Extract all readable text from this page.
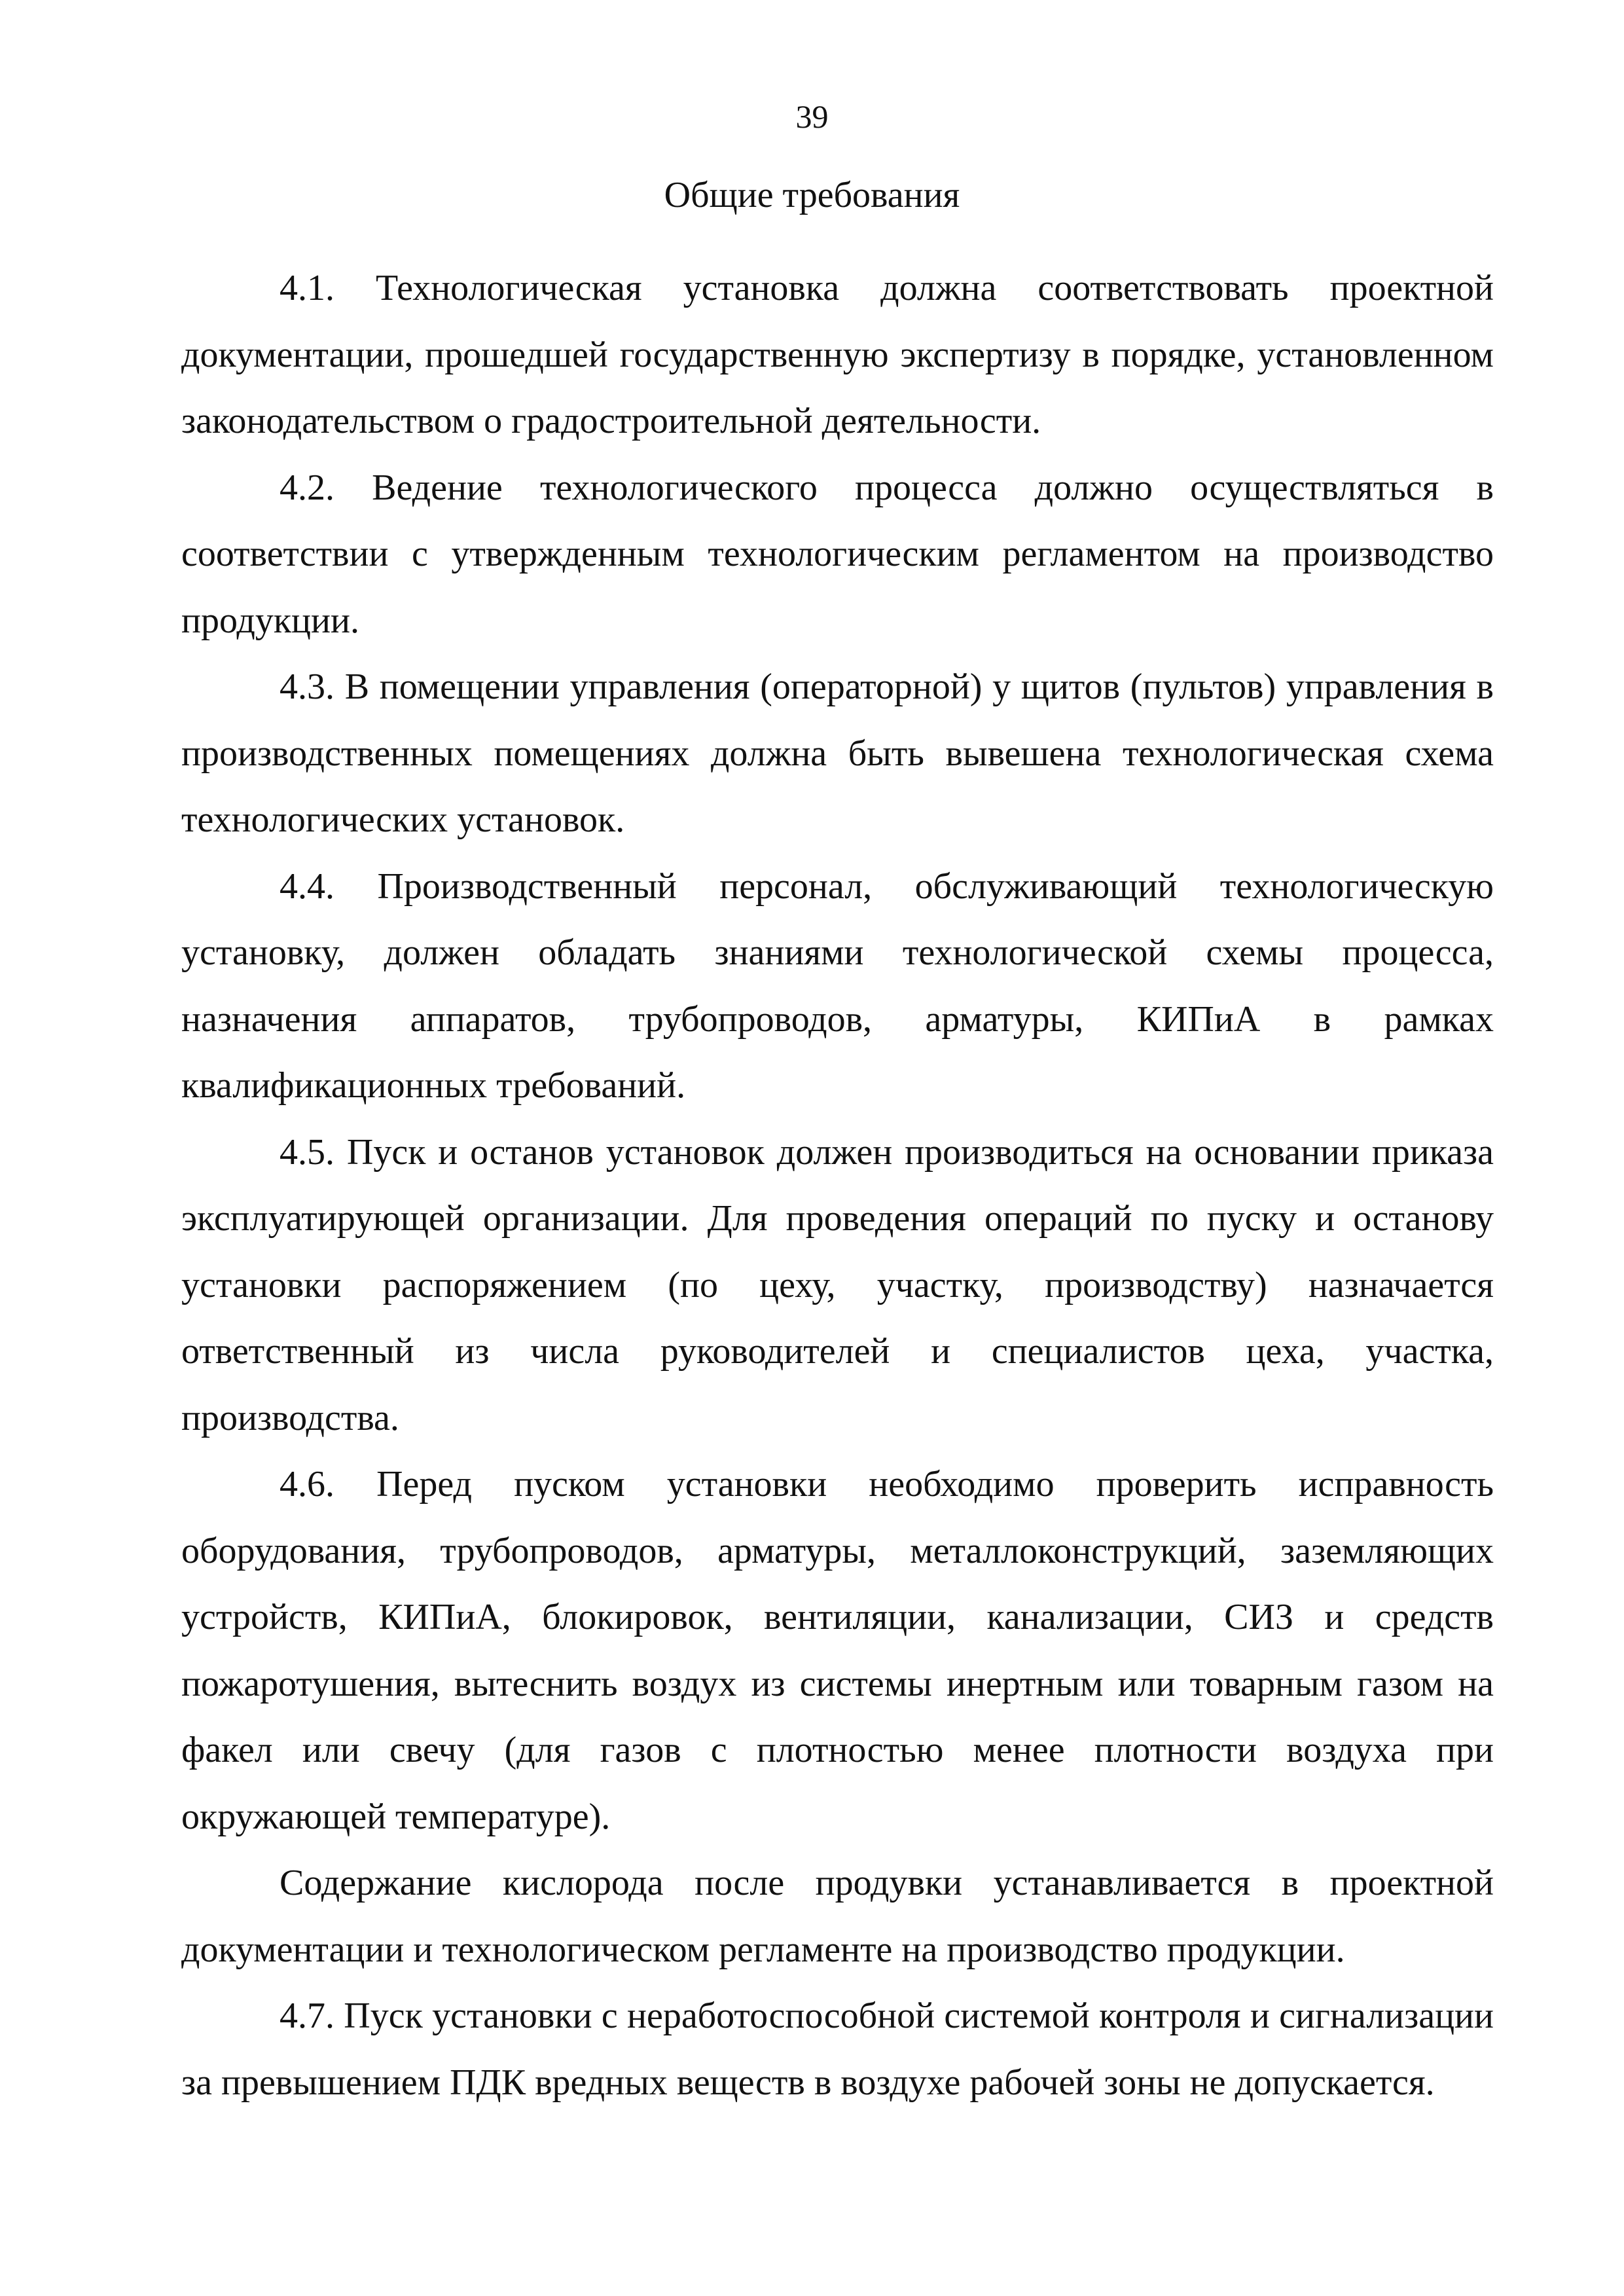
39
Общие требования

4.1. Технологическая установка должна соответствовать проектной документации, прошедшей государственную экспертизу в порядке, установленном законодательством о градостроительной деятельности.

4.2. Ведение технологического процесса должно осуществляться в соответствии с утвержденным технологическим регламентом на производство продукции.

4.3. В помещении управления (операторной) у щитов (пультов) управления в производственных помещениях должна быть вывешена технологическая схема технологических установок.

4.4. Производственный персонал, обслуживающий технологическую установку, должен обладать знаниями технологической схемы процесса, назначения аппаратов, трубопроводов, арматуры, КИПиА в рамках квалификационных требований.

4.5. Пуск и останов установок должен производиться на основании приказа эксплуатирующей организации. Для проведения операций по пуску и останову установки распоряжением (по цеху, участку, производству) назначается ответственный из числа руководителей и специалистов цеха, участка, производства.

4.6. Перед пуском установки необходимо проверить исправность оборудования, трубопроводов, арматуры, металлоконструкций, заземляющих устройств, КИПиА, блокировок, вентиляции, канализации, СИЗ и средств пожаротушения, вытеснить воздух из системы инертным или товарным газом на факел или свечу (для газов с плотностью менее плотности воздуха при окружающей температуре).

Содержание кислорода после продувки устанавливается в проектной документации и технологическом регламенте на производство продукции.

4.7. Пуск установки с неработоспособной системой контроля и сигнализации за превышением ПДК вредных веществ в воздухе рабочей зоны не допускается.
